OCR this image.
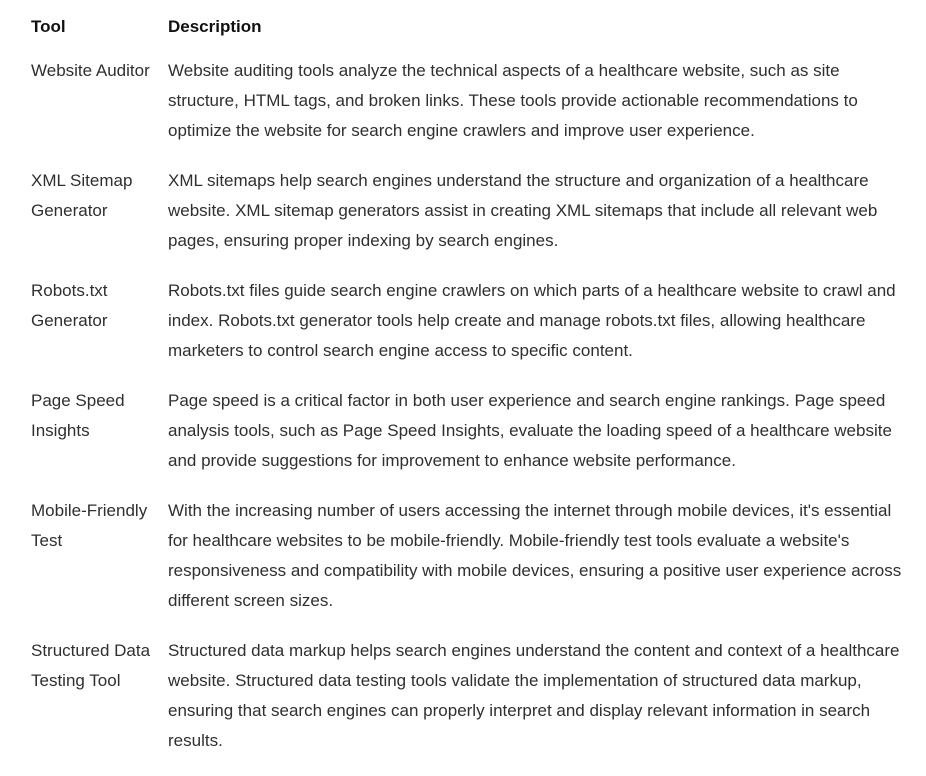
Tool	Description
Website Auditor	Website auditing tools analyze the technical aspects of a healthcare website, such as site structure, HTML tags, and broken links. These tools provide actionable recommendations to optimize the website for search engine crawlers and improve user experience.
XML Sitemap Generator	XML sitemaps help search engines understand the structure and organization of a healthcare website. XML sitemap generators assist in creating XML sitemaps that include all relevant web pages, ensuring proper indexing by search engines.
Robots.txt Generator	Robots.txt files guide search engine crawlers on which parts of a healthcare website to crawl and index. Robots.txt generator tools help create and manage robots.txt files, allowing healthcare marketers to control search engine access to specific content.
Page Speed Insights	Page speed is a critical factor in both user experience and search engine rankings. Page speed analysis tools, such as Page Speed Insights, evaluate the loading speed of a healthcare website and provide suggestions for improvement to enhance website performance.
Mobile-Friendly Test	With the increasing number of users accessing the internet through mobile devices, it's essential for healthcare websites to be mobile-friendly. Mobile-friendly test tools evaluate a website's responsiveness and compatibility with mobile devices, ensuring a positive user experience across different screen sizes.
Structured Data Testing Tool	Structured data markup helps search engines understand the content and context of a healthcare website. Structured data testing tools validate the implementation of structured data markup, ensuring that search engines can properly interpret and display relevant information in search results.
